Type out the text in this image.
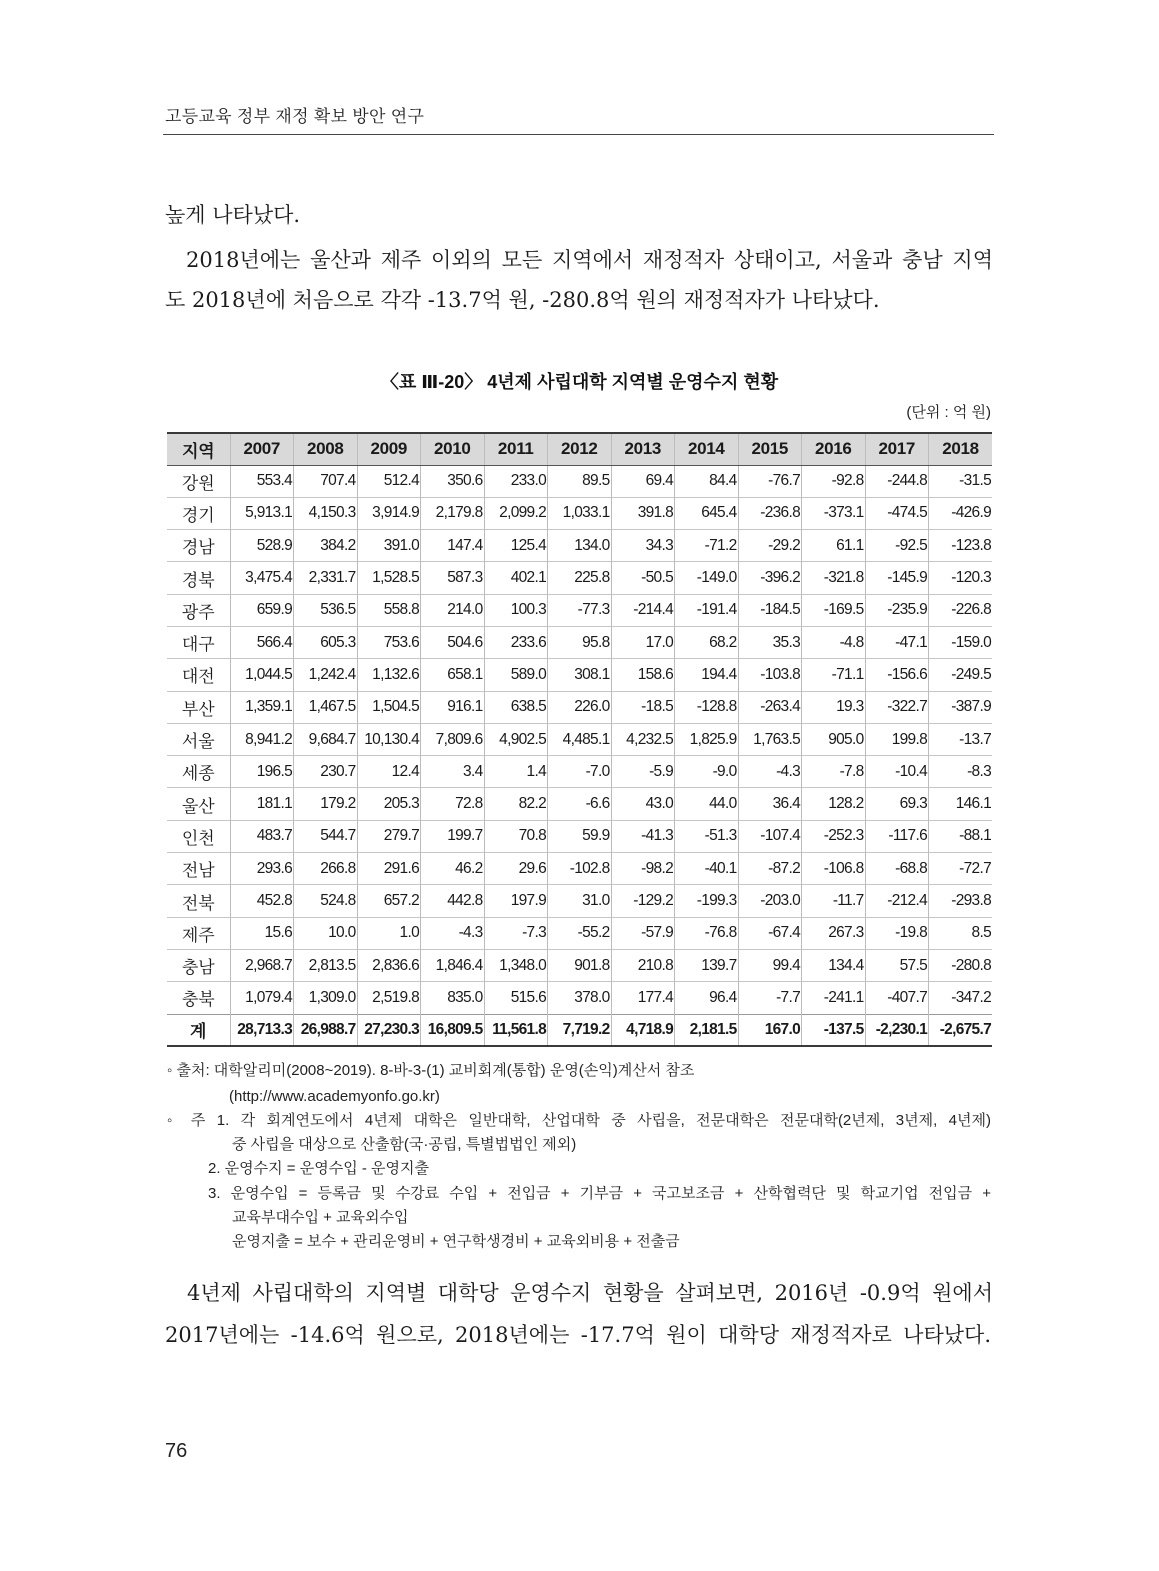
고등교육 정부 재정 확보 방안 연구
높게 나타났다.
2018년에는 울산과 제주 이외의 모든 지역에서 재정적자 상태이고, 서울과 충남 지역
도 2018년에 처음으로 각각 -13.7억 원, -280.8억 원의 재정적자가 나타났다.
〈표 Ⅲ-20〉 4년제 사립대학 지역별 운영수지 현황
(단위 : 억 원)
지역	2007	2008	2009	2010	2011	2012	2013	2014	2015	2016	2017	2018
강원	553.4	707.4	512.4	350.6	233.0	89.5	69.4	84.4	-76.7	-92.8	-244.8	-31.5
경기	5,913.1	4,150.3	3,914.9	2,179.8	2,099.2	1,033.1	391.8	645.4	-236.8	-373.1	-474.5	-426.9
경남	528.9	384.2	391.0	147.4	125.4	134.0	34.3	-71.2	-29.2	61.1	-92.5	-123.8
경북	3,475.4	2,331.7	1,528.5	587.3	402.1	225.8	-50.5	-149.0	-396.2	-321.8	-145.9	-120.3
광주	659.9	536.5	558.8	214.0	100.3	-77.3	-214.4	-191.4	-184.5	-169.5	-235.9	-226.8
대구	566.4	605.3	753.6	504.6	233.6	95.8	17.0	68.2	35.3	-4.8	-47.1	-159.0
대전	1,044.5	1,242.4	1,132.6	658.1	589.0	308.1	158.6	194.4	-103.8	-71.1	-156.6	-249.5
부산	1,359.1	1,467.5	1,504.5	916.1	638.5	226.0	-18.5	-128.8	-263.4	19.3	-322.7	-387.9
서울	8,941.2	9,684.7	10,130.4	7,809.6	4,902.5	4,485.1	4,232.5	1,825.9	1,763.5	905.0	199.8	-13.7
세종	196.5	230.7	12.4	3.4	1.4	-7.0	-5.9	-9.0	-4.3	-7.8	-10.4	-8.3
울산	181.1	179.2	205.3	72.8	82.2	-6.6	43.0	44.0	36.4	128.2	69.3	146.1
인천	483.7	544.7	279.7	199.7	70.8	59.9	-41.3	-51.3	-107.4	-252.3	-117.6	-88.1
전남	293.6	266.8	291.6	46.2	29.6	-102.8	-98.2	-40.1	-87.2	-106.8	-68.8	-72.7
전북	452.8	524.8	657.2	442.8	197.9	31.0	-129.2	-199.3	-203.0	-11.7	-212.4	-293.8
제주	15.6	10.0	1.0	-4.3	-7.3	-55.2	-57.9	-76.8	-67.4	267.3	-19.8	8.5
충남	2,968.7	2,813.5	2,836.6	1,846.4	1,348.0	901.8	210.8	139.7	99.4	134.4	57.5	-280.8
충북	1,079.4	1,309.0	2,519.8	835.0	515.6	378.0	177.4	96.4	-7.7	-241.1	-407.7	-347.2
계	28,713.3	26,988.7	27,230.3	16,809.5	11,561.8	7,719.2	4,718.9	2,181.5	167.0	-137.5	-2,230.1	-2,675.7
◦ 출처: 대학알리미(2008~2019). 8-바-3-(1) 교비회계(통합) 운영(손익)계산서 참조
(http://www.academyonfo.go.kr)
◦ 주 1. 각 회계연도에서 4년제 대학은 일반대학, 산업대학 중 사립을, 전문대학은 전문대학(2년제, 3년제, 4년제)
중 사립을 대상으로 산출함(국·공립, 특별법법인 제외)
2. 운영수지 = 운영수입 - 운영지출
3. 운영수입 = 등록금 및 수강료 수입 + 전입금 + 기부금 + 국고보조금 + 산학협력단 및 학교기업 전입금 +
교육부대수입 + 교육외수입
운영지출 = 보수 + 관리운영비 + 연구학생경비 + 교육외비용 + 전출금
4년제 사립대학의 지역별 대학당 운영수지 현황을 살펴보면, 2016년 -0.9억 원에서
2017년에는 -14.6억 원으로, 2018년에는 -17.7억 원이 대학당 재정적자로 나타났다.
76
